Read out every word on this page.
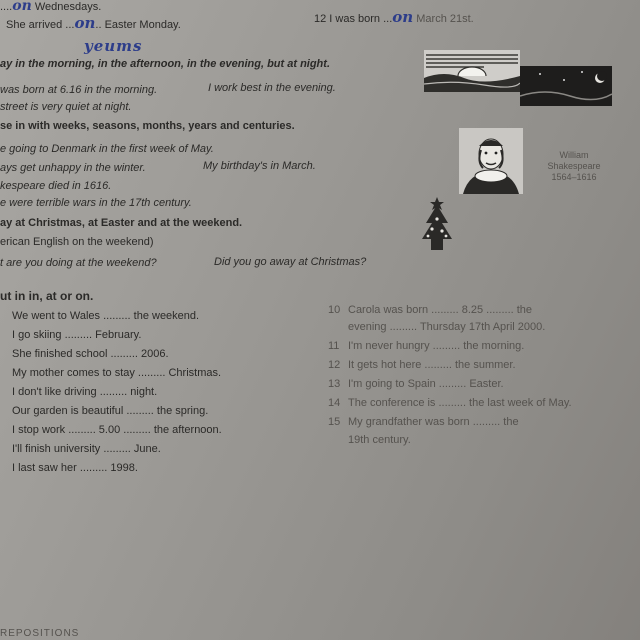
....on Wednesdays.
She arrived ...on.. Easter Monday.	12 I was born ...on March 21st.
yeums
ay in the morning, in the afternoon, in the evening, but at night.
was born at 6.16 in the morning.	I work best in the evening.
street is very quiet at night.
se in with weeks, seasons, months, years and centuries.
e going to Denmark in the first week of May.
ays get unhappy in the winter.	My birthday's in March.
kespeare died in 1616.
e were terrible wars in the 17th century.
ay at Christmas, at Easter and at the weekend.
erican English on the weekend)
t are you doing at the weekend?	Did you go away at Christmas?
William
Shakespeare
1564–1616
ut in in, at or on.
We went to Wales ......... the weekend.
I go skiing ......... February.
She finished school ......... 2006.
My mother comes to stay ......... Christmas.
I don't like driving ......... night.
Our garden is beautiful ......... the spring.
I stop work ......... 5.00 ......... the afternoon.
I'll finish university ......... June.
I last saw her ......... 1998.
10 Carola was born ......... 8.25 ......... the
evening ......... Thursday 17th April 2000.
11 I'm never hungry ......... the morning.
12 It gets hot here ......... the summer.
13 I'm going to Spain ......... Easter.
14 The conference is ......... the last week of May.
15 My grandfather was born ......... the
19th century.
REPOSITIONS
